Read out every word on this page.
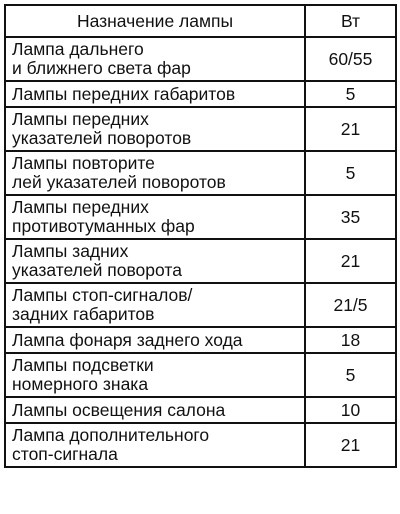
Назначение лампы	Вт
Лампа дальнего
и ближнего света фар	60/55
Лампы передних габаритов	5
Лампы передних
указателей поворотов	21
Лампы повторите
лей указателей поворотов	5
Лампы передних
противотуманных фар	35
Лампы задних
указателей поворота	21
Лампы стоп-сигналов/
задних габаритов	21/5
Лампа фонаря заднего хода	18
Лампы подсветки
номерного знака	5
Лампы освещения салона	10
Лампа дополнительного
стоп-сигнала	21
